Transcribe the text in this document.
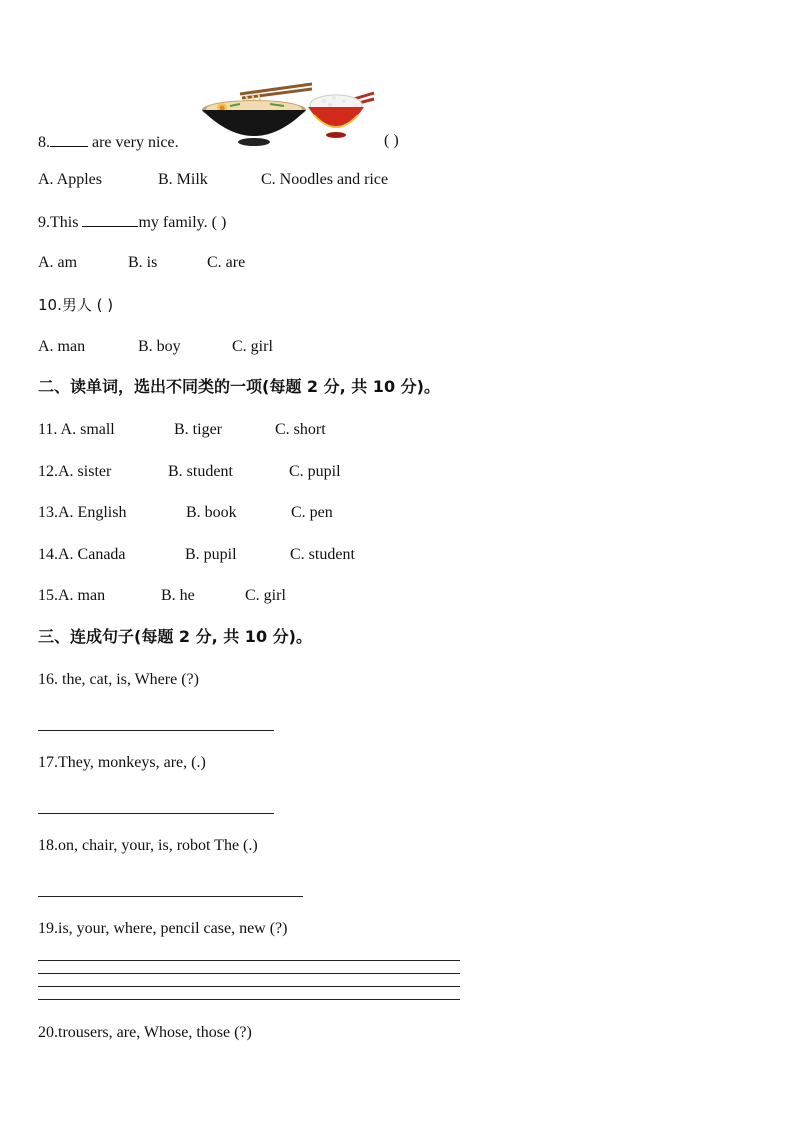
8.	are very nice.	( )
A. Apples	B. Milk	C. Noodles and rice
9.This	my family. ( )
A. am	B. is	C. are
10.男人 ( )
A. man	B. boy	C. girl
二、读单词，选出不同类的一项(每题 2 分, 共 10 分)。
11. A. small	B. tiger	C. short
12.A. sister	B. student	C. pupil
13.A. English	B. book	C. pen
14.A. Canada	B. pupil	C. student
15.A. man	B. he	C. girl
三、连成句子(每题 2 分, 共 10 分)。
16. the, cat, is, Where (?)
17.They, monkeys, are, (.)
18.on, chair, your, is, robot The (.)
19.is, your, where, pencil case, new (?)
20.trousers, are, Whose, those (?)
